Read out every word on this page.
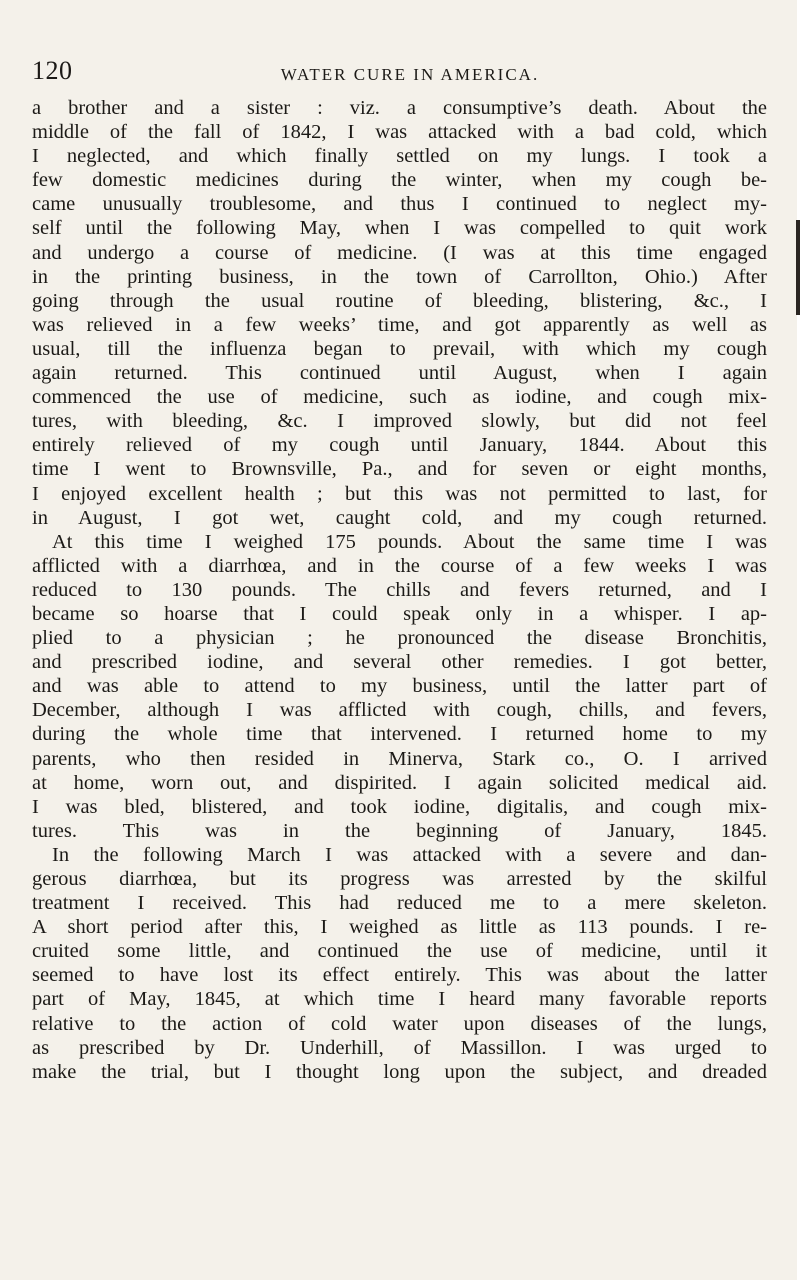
120	WATER CURE IN AMERICA.
a brother and a sister : viz. a consumptive’s death. About the
middle of the fall of 1842, I was attacked with a bad cold, which
I neglected, and which finally settled on my lungs. I took a
few domestic medicines during the winter, when my cough be-
came unusually troublesome, and thus I continued to neglect my-
self until the following May, when I was compelled to quit work
and undergo a course of medicine. (I was at this time engaged
in the printing business, in the town of Carrollton, Ohio.) After
going through the usual routine of bleeding, blistering, &c., I
was relieved in a few weeks’ time, and got apparently as well as
usual, till the influenza began to prevail, with which my cough
again returned. This continued until August, when I again
commenced the use of medicine, such as iodine, and cough mix-
tures, with bleeding, &c. I improved slowly, but did not feel
entirely relieved of my cough until January, 1844. About this
time I went to Brownsville, Pa., and for seven or eight months,
I enjoyed excellent health ; but this was not permitted to last, for
in August, I got wet, caught cold, and my cough returned.
At this time I weighed 175 pounds. About the same time I was
afflicted with a diarrhœa, and in the course of a few weeks I was
reduced to 130 pounds. The chills and fevers returned, and I
became so hoarse that I could speak only in a whisper. I ap-
plied to a physician ; he pronounced the disease Bronchitis,
and prescribed iodine, and several other remedies. I got better,
and was able to attend to my business, until the latter part of
December, although I was afflicted with cough, chills, and fevers,
during the whole time that intervened. I returned home to my
parents, who then resided in Minerva, Stark co., O. I arrived
at home, worn out, and dispirited. I again solicited medical aid.
I was bled, blistered, and took iodine, digitalis, and cough mix-
tures. This was in the beginning of January, 1845.
In the following March I was attacked with a severe and dan-
gerous diarrhœa, but its progress was arrested by the skilful
treatment I received. This had reduced me to a mere skeleton.
A short period after this, I weighed as little as 113 pounds. I re-
cruited some little, and continued the use of medicine, until it
seemed to have lost its effect entirely. This was about the latter
part of May, 1845, at which time I heard many favorable reports
relative to the action of cold water upon diseases of the lungs,
as prescribed by Dr. Underhill, of Massillon. I was urged to
make the trial, but I thought long upon the subject, and dreaded
